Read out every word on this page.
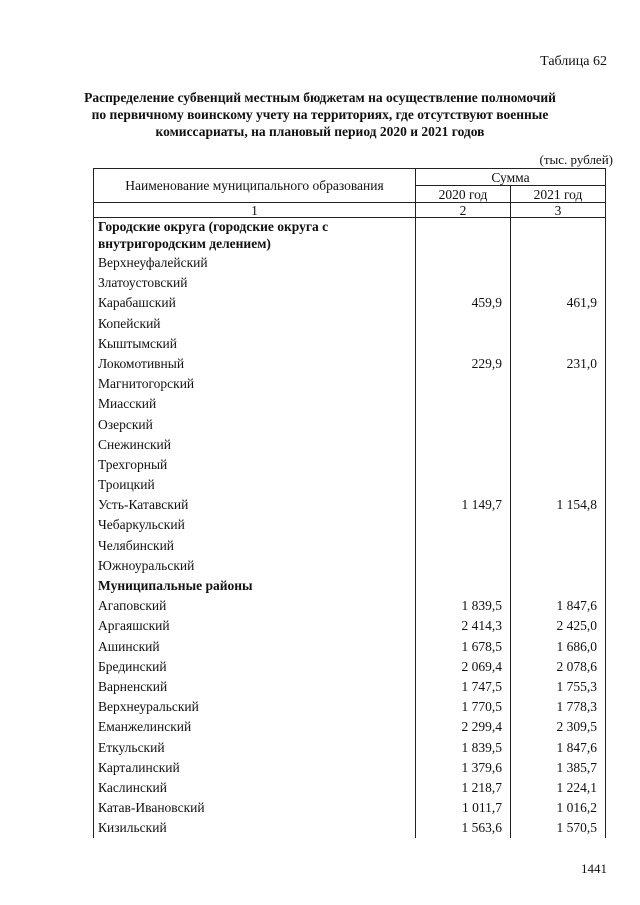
Таблица 62
Распределение субвенций местным бюджетам на осуществление полномочий по первичному воинскому учету на территориях, где отсутствуют военные комиссариаты, на плановый период 2020 и 2021 годов
(тыс. рублей)
Наименование муниципального образования	Сумма	
	2020 год	2021 год
1	2	3
Городские округа (городские округа с внутригородским делением)		
Верхнеуфалейский		
Златоустовский		
Карабашский	459,9	461,9
Копейский		
Кыштымский		
Локомотивный	229,9	231,0
Магнитогорский		
Миасский		
Озерский		
Снежинский		
Трехгорный		
Троицкий		
Усть-Катавский	1 149,7	1 154,8
Чебаркульский		
Челябинский		
Южноуральский		
Муниципальные районы		
Агаповский	1 839,5	1 847,6
Аргаяшский	2 414,3	2 425,0
Ашинский	1 678,5	1 686,0
Брединский	2 069,4	2 078,6
Варненский	1 747,5	1 755,3
Верхнеуральский	1 770,5	1 778,3
Еманжелинский	2 299,4	2 309,5
Еткульский	1 839,5	1 847,6
Карталинский	1 379,6	1 385,7
Каслинский	1 218,7	1 224,1
Катав-Ивановский	1 011,7	1 016,2
Кизильский	1 563,6	1 570,5
1441
